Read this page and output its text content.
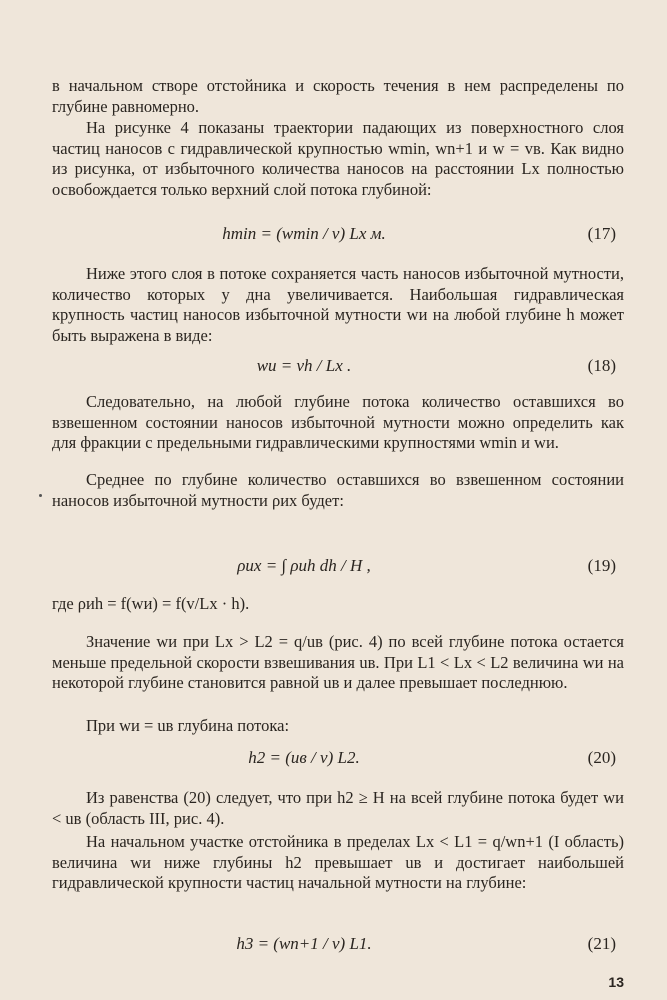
в начальном створе отстойника и скорость течения в нем распределены по глубине равномерно.

На рисунке 4 показаны траектории падающих из поверхностного слоя частиц наносов с гидравлической крупностью wmin, wn+1 и w = vв. Как видно из рисунка, от избыточного количества наносов на расстоянии Lx полностью освобождается только верхний слой потока глубиной:

hmin = (wmin / v) Lx м.	(17)

Ниже этого слоя в потоке сохраняется часть наносов избыточной мутности, количество которых у дна увеличивается. Наибольшая гидравлическая крупность частиц наносов избыточной мутности wи на любой глубине h может быть выражена в виде:

wи = vh / Lx .	(18)

Следовательно, на любой глубине потока количество оставшихся во взвешенном состоянии наносов избыточной мутности можно определить как для фракции с предельными гидравлическими крупностями wmin и wи.

Среднее по глубине количество оставшихся во взвешенном состоянии наносов избыточной мутности ρиx будет:

ρиx = ∫ ρиh dh / H ,	(19)

где ρиh = f(wи) = f(v/Lx · h).

Значение wи при Lx > L2 = q/uв (рис. 4) по всей глубине потока остается меньше предельной скорости взвешивания uв. При L1 < Lx < L2 величина wи на некоторой глубине становится равной uв и далее превышает последнюю.

При wи = uв глубина потока:

h2 = (uв / v) L2.	(20)

Из равенства (20) следует, что при h2 ≥ H на всей глубине потока будет wи < uв (область III, рис. 4).

На начальном участке отстойника в пределах Lx < L1 = q/wn+1 (I область) величина wи ниже глубины h2 превышает uв и достигает наибольшей гидравлической крупности частиц начальной мутности на глубине:

h3 = (wn+1 / v) L1.	(21)
13
